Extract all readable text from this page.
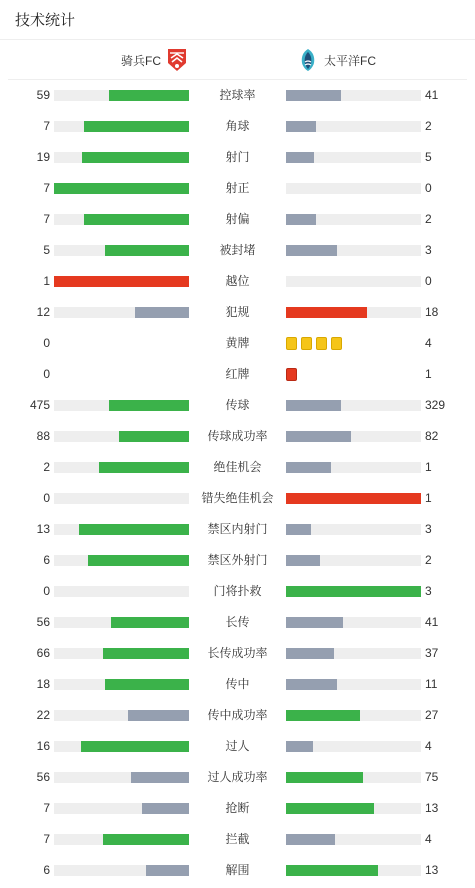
技术统计
骑兵FC	太平洋FC
59	控球率	41
7	角球	2
19	射门	5
7	射正	0
7	射偏	2
5	被封堵	3
1	越位	0
12	犯规	18
0	黄牌	4
0	红牌	1
475	传球	329
88	传球成功率	82
2	绝佳机会	1
0	错失绝佳机会	1
13	禁区内射门	3
6	禁区外射门	2
0	门将扑救	3
56	长传	41
66	长传成功率	37
18	传中	11
22	传中成功率	27
16	过人	4
56	过人成功率	75
7	抢断	13
7	拦截	4
6	解围	13
